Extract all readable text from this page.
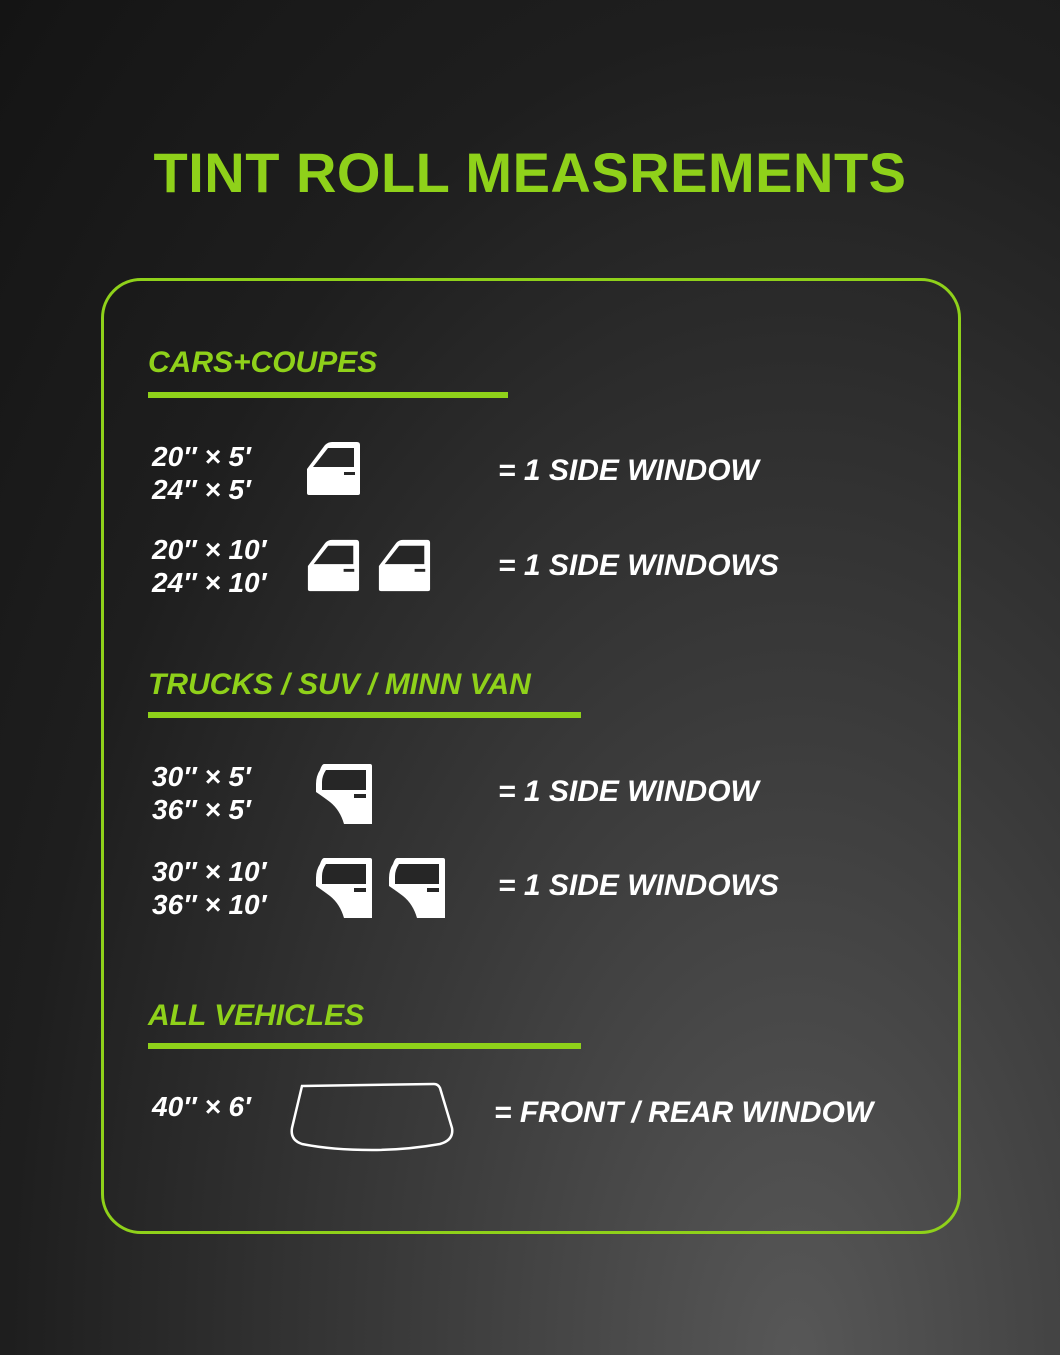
TINT ROLL MEASREMENTS
CARS+COUPES
20″ × 5′
24″ × 5′
= 1 SIDE WINDOW
20″ × 10′
24″ × 10′
= 1 SIDE WINDOWS
TRUCKS / SUV / MINN VAN
30″ × 5′
36″ × 5′
= 1 SIDE WINDOW
30″ × 10′
36″ × 10′
= 1 SIDE WINDOWS
ALL VEHICLES
40″ × 6′	= FRONT / REAR WINDOW
